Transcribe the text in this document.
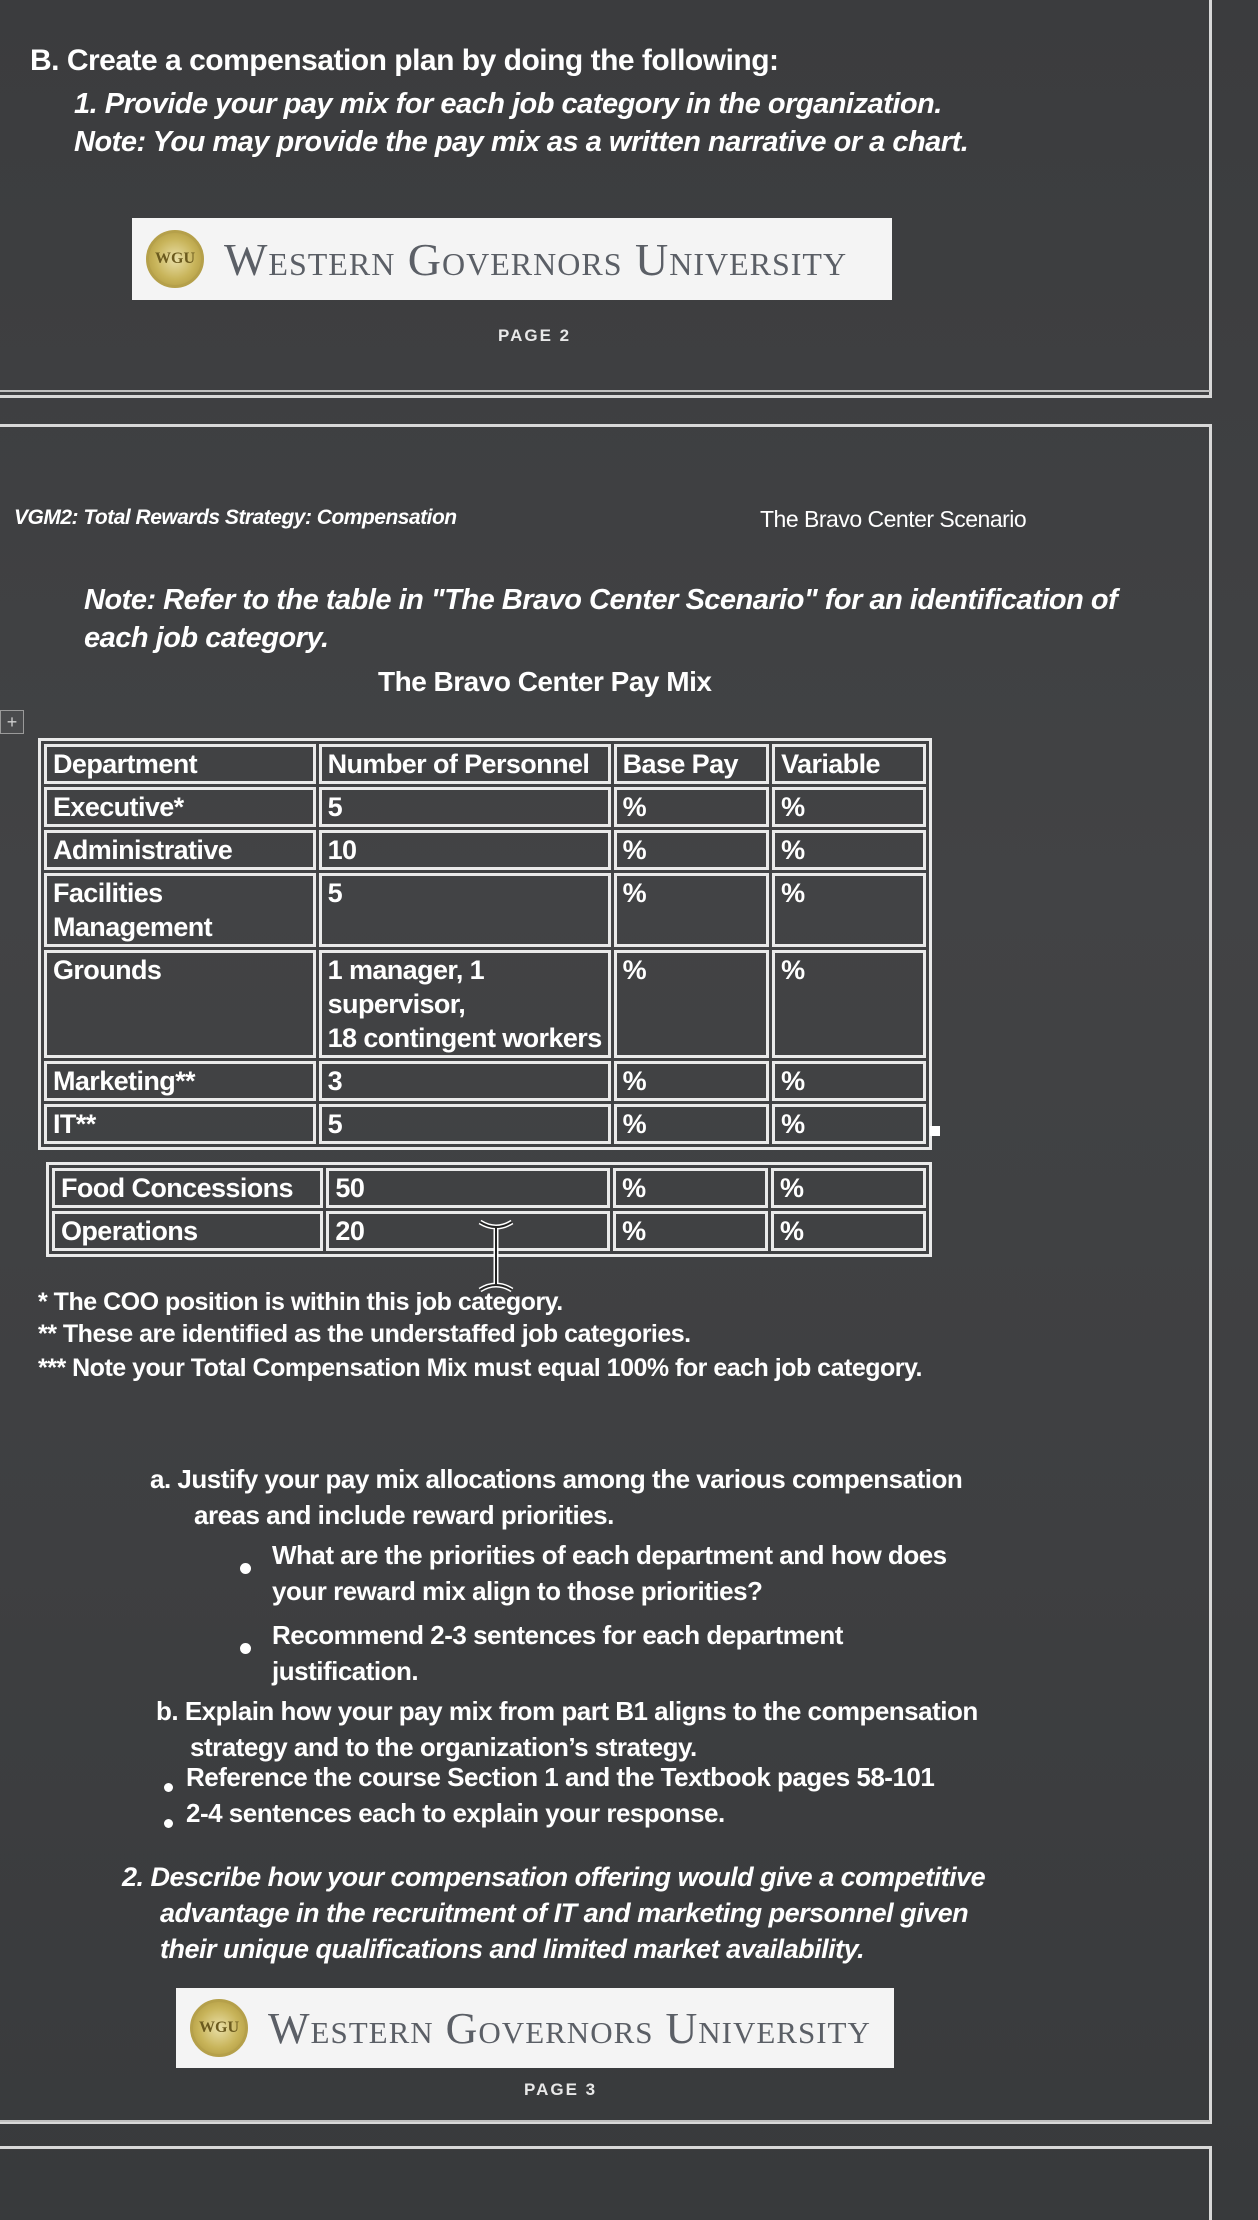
B. Create a compensation plan by doing the following:
1. Provide your pay mix for each job category in the organization.
Note: You may provide the pay mix as a written narrative or a chart.
WGU Western Governors University
PAGE 2
VGM2: Total Rewards Strategy: Compensation	The Bravo Center Scenario
Note: Refer to the table in "The Bravo Center Scenario" for an identification of
each job category.
The Bravo Center Pay Mix
+
Department	Number of Personnel	Base Pay	Variable
Executive*	5	%	%
Administrative	10	%	%

Facilities
Management	5	%	%
Grounds	1 manager, 1
supervisor,
18 contingent workers	%	%
Marketing**	3	%	%
IT**	5	%	%
Food Concessions	50	%	%
Operations	20	%	%
* The COO position is within this job category.
** These are identified as the understaffed job categories.
*** Note your Total Compensation Mix must equal 100% for each job category.
a. Justify your pay mix allocations among the various compensation
areas and include reward priorities.
What are the priorities of each department and how does
your reward mix align to those priorities?
Recommend 2-3 sentences for each department
justification.
b. Explain how your pay mix from part B1 aligns to the compensation
strategy and to the organization’s strategy.
Reference the course Section 1 and the Textbook pages 58-101
2-4 sentences each to explain your response.
2. Describe how your compensation offering would give a competitive
advantage in the recruitment of IT and marketing personnel given
their unique qualifications and limited market availability.
WGU Western Governors University
PAGE 3
